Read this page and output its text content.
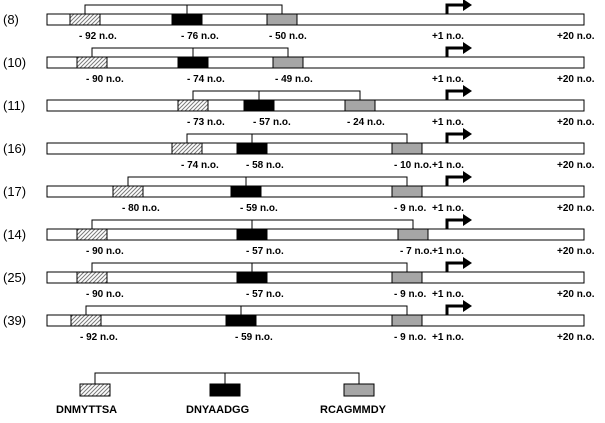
(8)
- 92 n.o.	- 76 n.o.	- 50 n.o.	+1 n.o.	+20 n.o.
(10)
- 90 n.o.	- 74 n.o.	- 49 n.o.	+1 n.o.	+20 n.o.
(11)
- 73 n.o.	- 57 n.o.	- 24 n.o.	+1 n.o.	+20 n.o.
(16)
- 74 n.o.	- 58 n.o.	- 10 n.o. +1 n.o.	+20 n.o.
(17)
- 80 n.o.	- 59 n.o.	- 9 n.o. +1 n.o.	+20 n.o.
(14)
- 90 n.o.	- 57 n.o.	- 7 n.o. +1 n.o.	+20 n.o.
(25)
- 90 n.o.	- 57 n.o.	- 9 n.o. +1 n.o.	+20 n.o.
(39)
- 92 n.o.	- 59 n.o.	- 9 n.o. +1 n.o.	+20 n.o.
DNMYTTSA	DNYAADGG	RCAGMMDY
